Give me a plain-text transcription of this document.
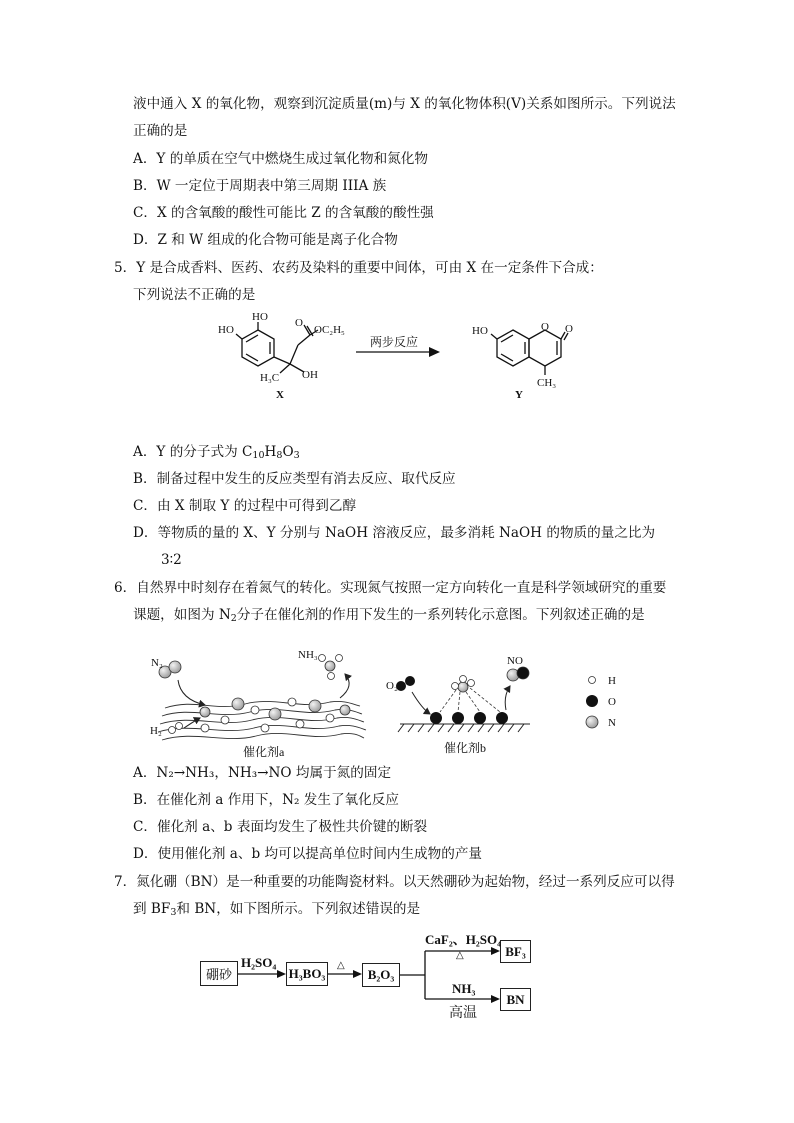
液中通入 X 的氧化物，观察到沉淀质量(m)与 X 的氧化物体积(V)关系如图所示。下列说法
正确的是
A．Y 的单质在空气中燃烧生成过氧化物和氮化物
B．W 一定位于周期表中第三周期 IIIA 族
C．X 的含氧酸的酸性可能比 Z 的含氧酸的酸性强
D．Z 和 W 组成的化合物可能是离子化合物
5．Y 是合成香料、医药、农药及染料的重要中间体，可由 X 在一定条件下合成：
下列说法不正确的是
HO
HO O
OC₂H₅
H₃C OH
X
两步反应
HO	O O
CH₃
Y
A．Y 的分子式为 $C_{10}H_8O_3$
B．制备过程中发生的反应类型有消去反应、取代反应
C．由 X 制取 Y 的过程中可得到乙醇
D．等物质的量的 X、Y 分别与 NaOH 溶液反应，最多消耗 NaOH 的物质的量之比为
3∶2
6．自然界中时刻存在着氮气的转化。实现氮气按照一定方向转化一直是科学领域研究的重要
课题，如图为 $N_2$分子在催化剂的作用下发生的一系列转化示意图。下列叙述正确的是
N₂
NH₃
H₂
催化剂a
O₂
NO
催化剂b
H
O
N
A．N₂→NH₃，NH₃→NO 均属于氮的固定
B．在催化剂 a 作用下，N₂ 发生了氧化反应
C．催化剂 a、b 表面均发生了极性共价键的断裂
D．使用催化剂 a、b 均可以提高单位时间内生成物的产量
7．氮化硼（BN）是一种重要的功能陶瓷材料。以天然硼砂为起始物，经过一系列反应可以得
到 $BF_3$和 BN，如下图所示。下列叙述错误的是
硼砂	H₃BO₃	B₂O₃
BF₃
BN
H₂SO₄	△
CaF₂、H₂SO₄
△
NH₃
高温
